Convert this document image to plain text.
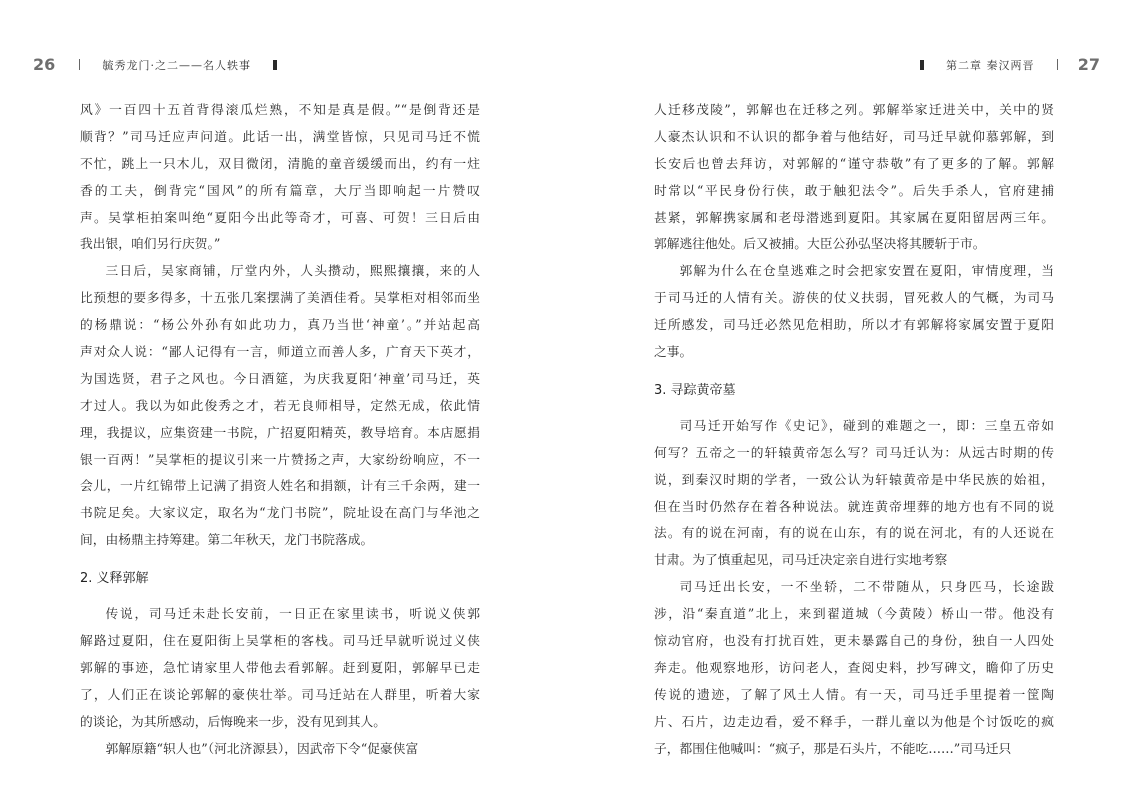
26	毓秀龙门·之二——名人轶事

风》一百四十五首背得滚瓜烂熟，不知是真是假。”“是倒背还是
顺背？”司马迁应声问道。此话一出，满堂皆惊，只见司马迁不慌
不忙，跳上一只木儿，双目微闭，清脆的童音缓缓而出，约有一炷
香的工夫，倒背完“国风”的所有篇章，大厅当即响起一片赞叹
声。吴掌柜拍案叫绝“夏阳今出此等奇才，可喜、可贺！三日后由
我出银，咱们另行庆贺。”

三日后，吴家商铺，厅堂内外，人头攒动，熙熙攘攘，来的人
比预想的要多得多，十五张几案摆满了美酒佳肴。吴掌柜对相邻而坐
的杨鼎说：“杨公外孙有如此功力，真乃当世‘神童’。”并站起高
声对众人说：“鄙人记得有一言，师道立而善人多，广育天下英才，
为国选贤，君子之风也。今日酒筵，为庆我夏阳‘神童’司马迁，英
才过人。我以为如此俊秀之才，若无良师相导，定然无成，依此情
理，我提议，应集资建一书院，广招夏阳精英，教导培育。本店愿捐
银一百两！”吴掌柜的提议引来一片赞扬之声，大家纷纷响应，不一
会儿，一片红锦带上记满了捐资人姓名和捐额，计有三千余两，建一
书院足矣。大家议定，取名为“龙门书院”，院址设在高门与华池之
间，由杨鼎主持筹建。第二年秋天，龙门书院落成。

2. 义释郭解

传说，司马迁未赴长安前，一日正在家里读书，听说义侠郭
解路过夏阳，住在夏阳街上吴掌柜的客栈。司马迁早就听说过义侠
郭解的事迹，急忙请家里人带他去看郭解。赶到夏阳，郭解早已走
了，人们正在谈论郭解的豪侠壮举。司马迁站在人群里，听着大家
的谈论，为其所感动，后悔晚来一步，没有见到其人。

郭解原籍“轵人也”（河北济源县），因武帝下令“促豪侠富

27
第二章 秦汉两晋

人迁移茂陵”，郭解也在迁移之列。郭解举家迁进关中，关中的贤
人豪杰认识和不认识的都争着与他结好，司马迁早就仰慕郭解，到
长安后也曾去拜访，对郭解的“谨守恭敬”有了更多的了解。郭解
时常以“平民身份行侠，敢于触犯法令”。后失手杀人，官府建捕
甚紧，郭解携家属和老母潜逃到夏阳。其家属在夏阳留居两三年。
郭解逃往他处。后又被捕。大臣公孙弘坚决将其腰斩于市。

郭解为什么在仓皇逃难之时会把家安置在夏阳，审情度理，当
于司马迁的人情有关。游侠的仗义扶弱，冒死救人的气概，为司马
迁所感发，司马迁必然见危相助，所以才有郭解将家属安置于夏阳
之事。

3. 寻踪黄帝墓

司马迁开始写作《史记》，碰到的难题之一，即：三皇五帝如
何写？五帝之一的轩辕黄帝怎么写？司马迁认为：从远古时期的传
说，到秦汉时期的学者，一致公认为轩辕黄帝是中华民族的始祖，
但在当时仍然存在着各种说法。就连黄帝埋葬的地方也有不同的说
法。有的说在河南，有的说在山东，有的说在河北，有的人还说在
甘肃。为了慎重起见，司马迁决定亲自进行实地考察

司马迁出长安，一不坐轿，二不带随从，只身匹马，长途跋
涉，沿“秦直道”北上，来到翟道城（今黄陵）桥山一带。他没有
惊动官府，也没有打扰百姓，更未暴露自己的身份，独自一人四处
奔走。他观察地形，访问老人，查阅史料，抄写碑文，瞻仰了历史
传说的遗迹，了解了风土人情。有一天，司马迁手里提着一筐陶
片、石片，边走边看，爱不释手，一群儿童以为他是个讨饭吃的疯
子，都围住他喊叫：“疯子，那是石头片，不能吃……”司马迁只
